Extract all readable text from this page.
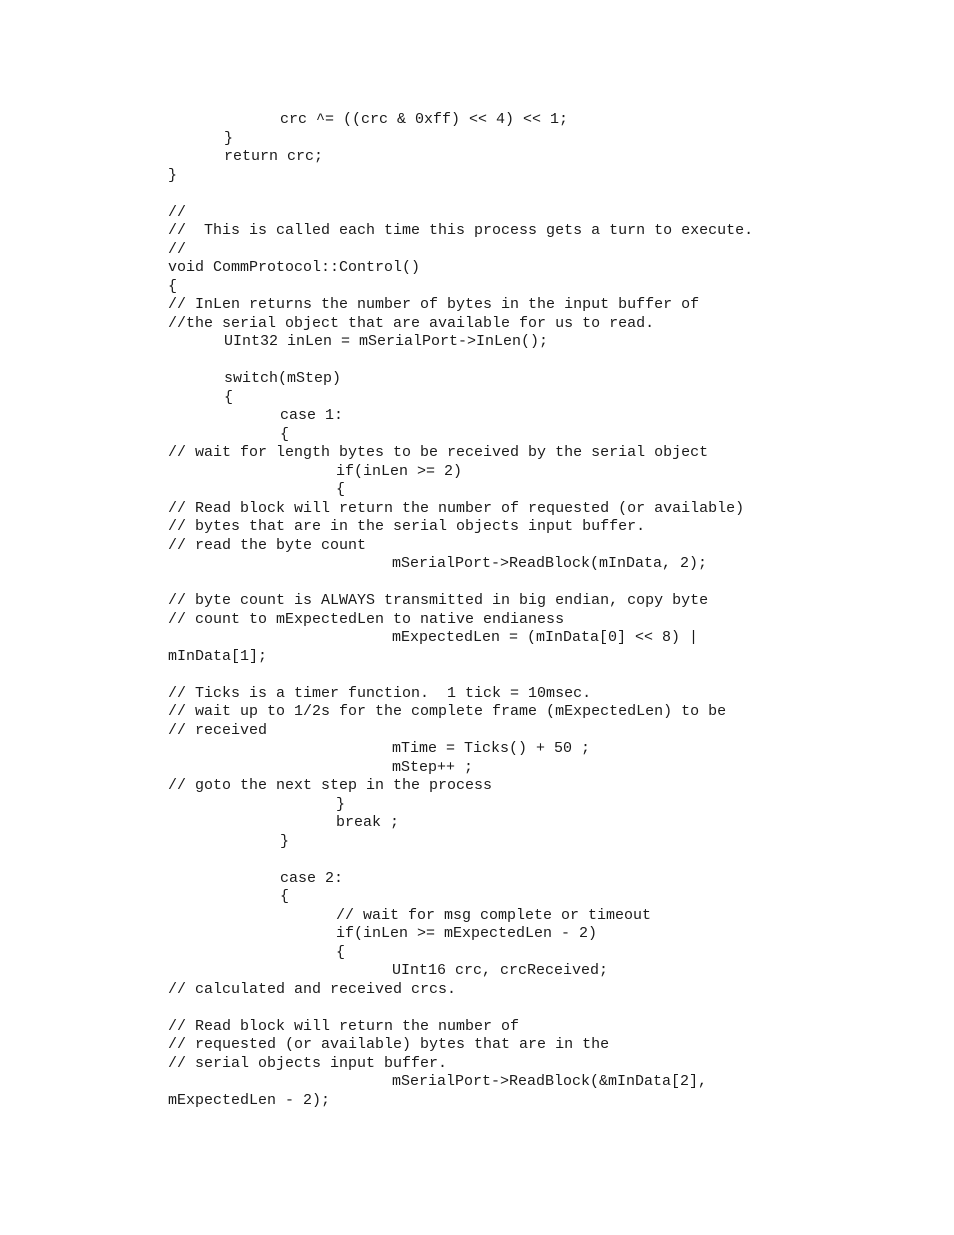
crc ^= ((crc & 0xff) << 4) << 1;
}
return crc;
}
//
//  This is called each time this process gets a turn to execute.
//
void CommProtocol::Control()
{
// InLen returns the number of bytes in the input buffer of
//the serial object that are available for us to read.
UInt32 inLen = mSerialPort->InLen();
switch(mStep)
{
case 1:
{
// wait for length bytes to be received by the serial object
if(inLen >= 2)
{
// Read block will return the number of requested (or available)
// bytes that are in the serial objects input buffer.
// read the byte count
mSerialPort->ReadBlock(mInData, 2);
// byte count is ALWAYS transmitted in big endian, copy byte
// count to mExpectedLen to native endianess
mExpectedLen = (mInData[0] << 8) |
mInData[1];
// Ticks is a timer function.  1 tick = 10msec.
// wait up to 1/2s for the complete frame (mExpectedLen) to be
// received
mTime = Ticks() + 50 ;
mStep++ ;
// goto the next step in the process
}
break ;
}
case 2:
{
// wait for msg complete or timeout
if(inLen >= mExpectedLen - 2)
{
UInt16 crc, crcReceived;
// calculated and received crcs.
// Read block will return the number of
// requested (or available) bytes that are in the
// serial objects input buffer.
mSerialPort->ReadBlock(&mInData[2],
mExpectedLen - 2);
